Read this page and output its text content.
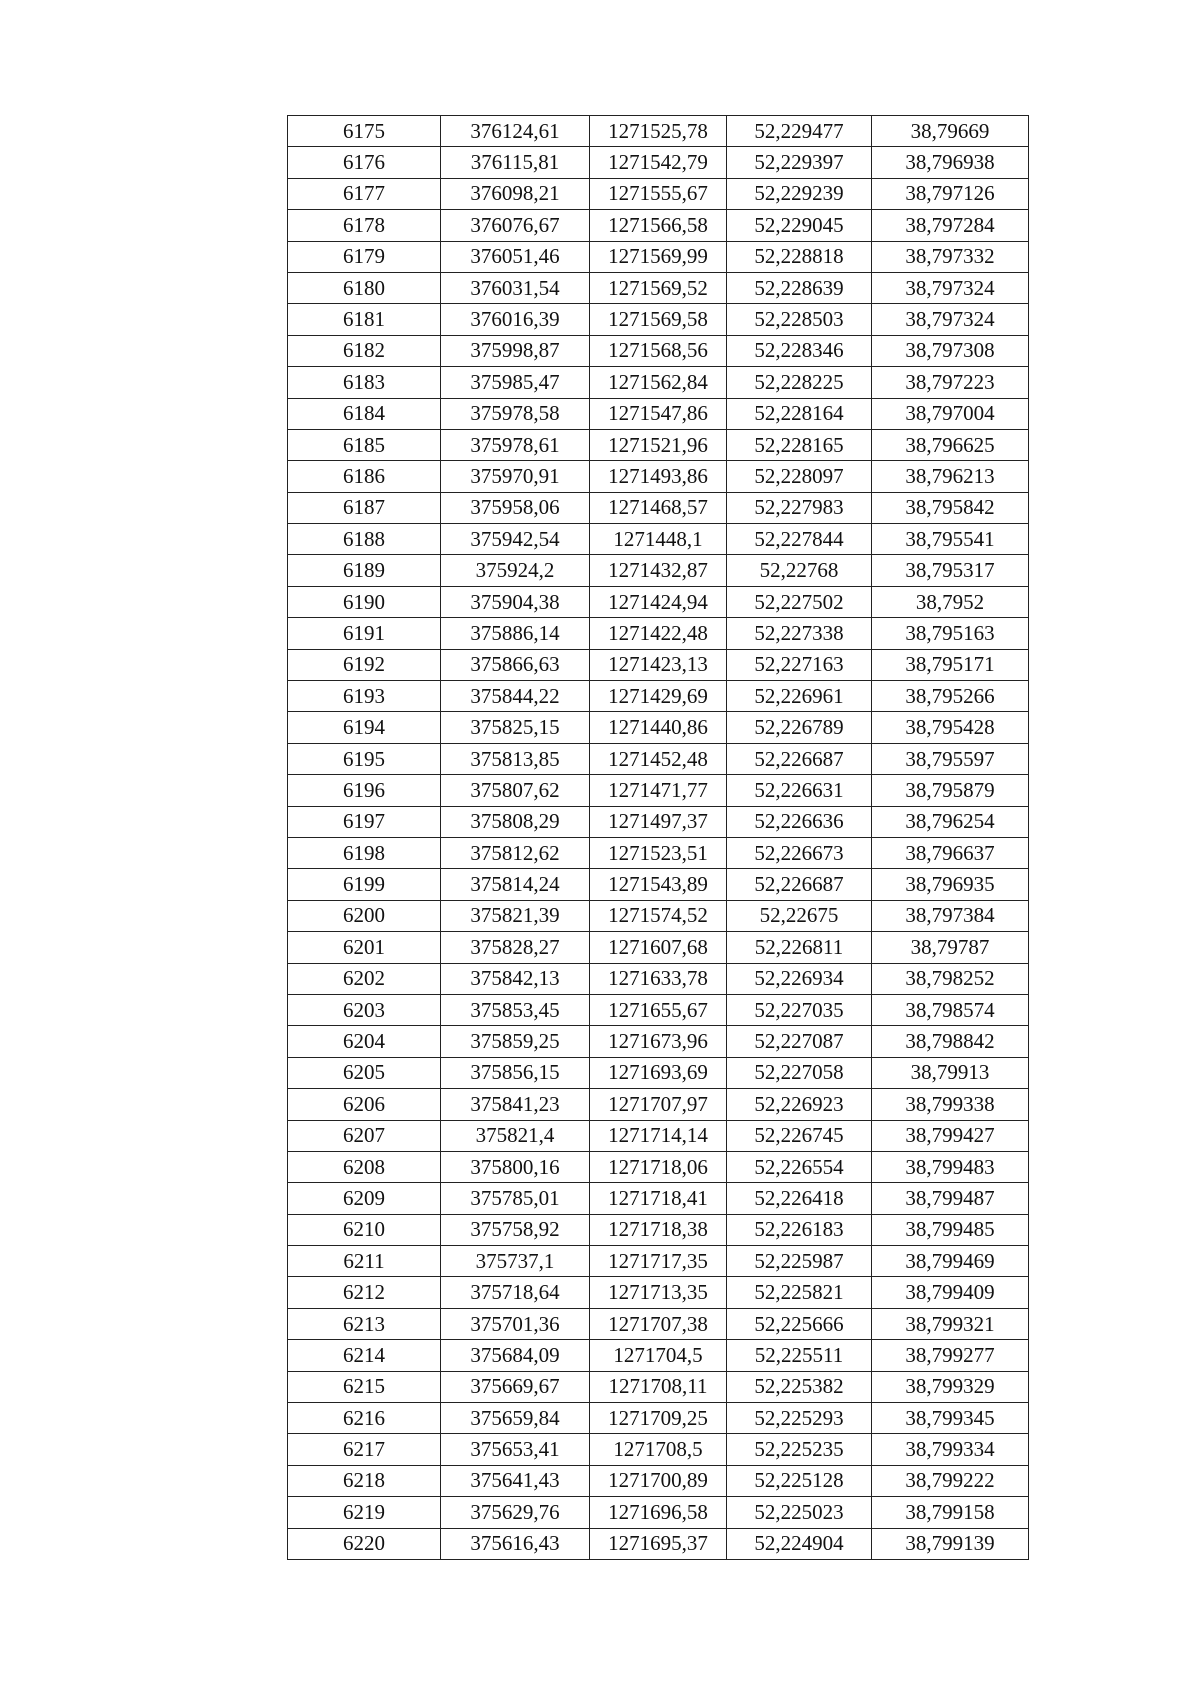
6175	376124,61	1271525,78	52,229477	38,79669
6176	376115,81	1271542,79	52,229397	38,796938
6177	376098,21	1271555,67	52,229239	38,797126
6178	376076,67	1271566,58	52,229045	38,797284
6179	376051,46	1271569,99	52,228818	38,797332
6180	376031,54	1271569,52	52,228639	38,797324
6181	376016,39	1271569,58	52,228503	38,797324
6182	375998,87	1271568,56	52,228346	38,797308
6183	375985,47	1271562,84	52,228225	38,797223
6184	375978,58	1271547,86	52,228164	38,797004
6185	375978,61	1271521,96	52,228165	38,796625
6186	375970,91	1271493,86	52,228097	38,796213
6187	375958,06	1271468,57	52,227983	38,795842
6188	375942,54	1271448,1	52,227844	38,795541
6189	375924,2	1271432,87	52,22768	38,795317
6190	375904,38	1271424,94	52,227502	38,7952
6191	375886,14	1271422,48	52,227338	38,795163
6192	375866,63	1271423,13	52,227163	38,795171
6193	375844,22	1271429,69	52,226961	38,795266
6194	375825,15	1271440,86	52,226789	38,795428
6195	375813,85	1271452,48	52,226687	38,795597
6196	375807,62	1271471,77	52,226631	38,795879
6197	375808,29	1271497,37	52,226636	38,796254
6198	375812,62	1271523,51	52,226673	38,796637
6199	375814,24	1271543,89	52,226687	38,796935
6200	375821,39	1271574,52	52,22675	38,797384
6201	375828,27	1271607,68	52,226811	38,79787
6202	375842,13	1271633,78	52,226934	38,798252
6203	375853,45	1271655,67	52,227035	38,798574
6204	375859,25	1271673,96	52,227087	38,798842
6205	375856,15	1271693,69	52,227058	38,79913
6206	375841,23	1271707,97	52,226923	38,799338
6207	375821,4	1271714,14	52,226745	38,799427
6208	375800,16	1271718,06	52,226554	38,799483
6209	375785,01	1271718,41	52,226418	38,799487
6210	375758,92	1271718,38	52,226183	38,799485
6211	375737,1	1271717,35	52,225987	38,799469
6212	375718,64	1271713,35	52,225821	38,799409
6213	375701,36	1271707,38	52,225666	38,799321
6214	375684,09	1271704,5	52,225511	38,799277
6215	375669,67	1271708,11	52,225382	38,799329
6216	375659,84	1271709,25	52,225293	38,799345
6217	375653,41	1271708,5	52,225235	38,799334
6218	375641,43	1271700,89	52,225128	38,799222
6219	375629,76	1271696,58	52,225023	38,799158
6220	375616,43	1271695,37	52,224904	38,799139
